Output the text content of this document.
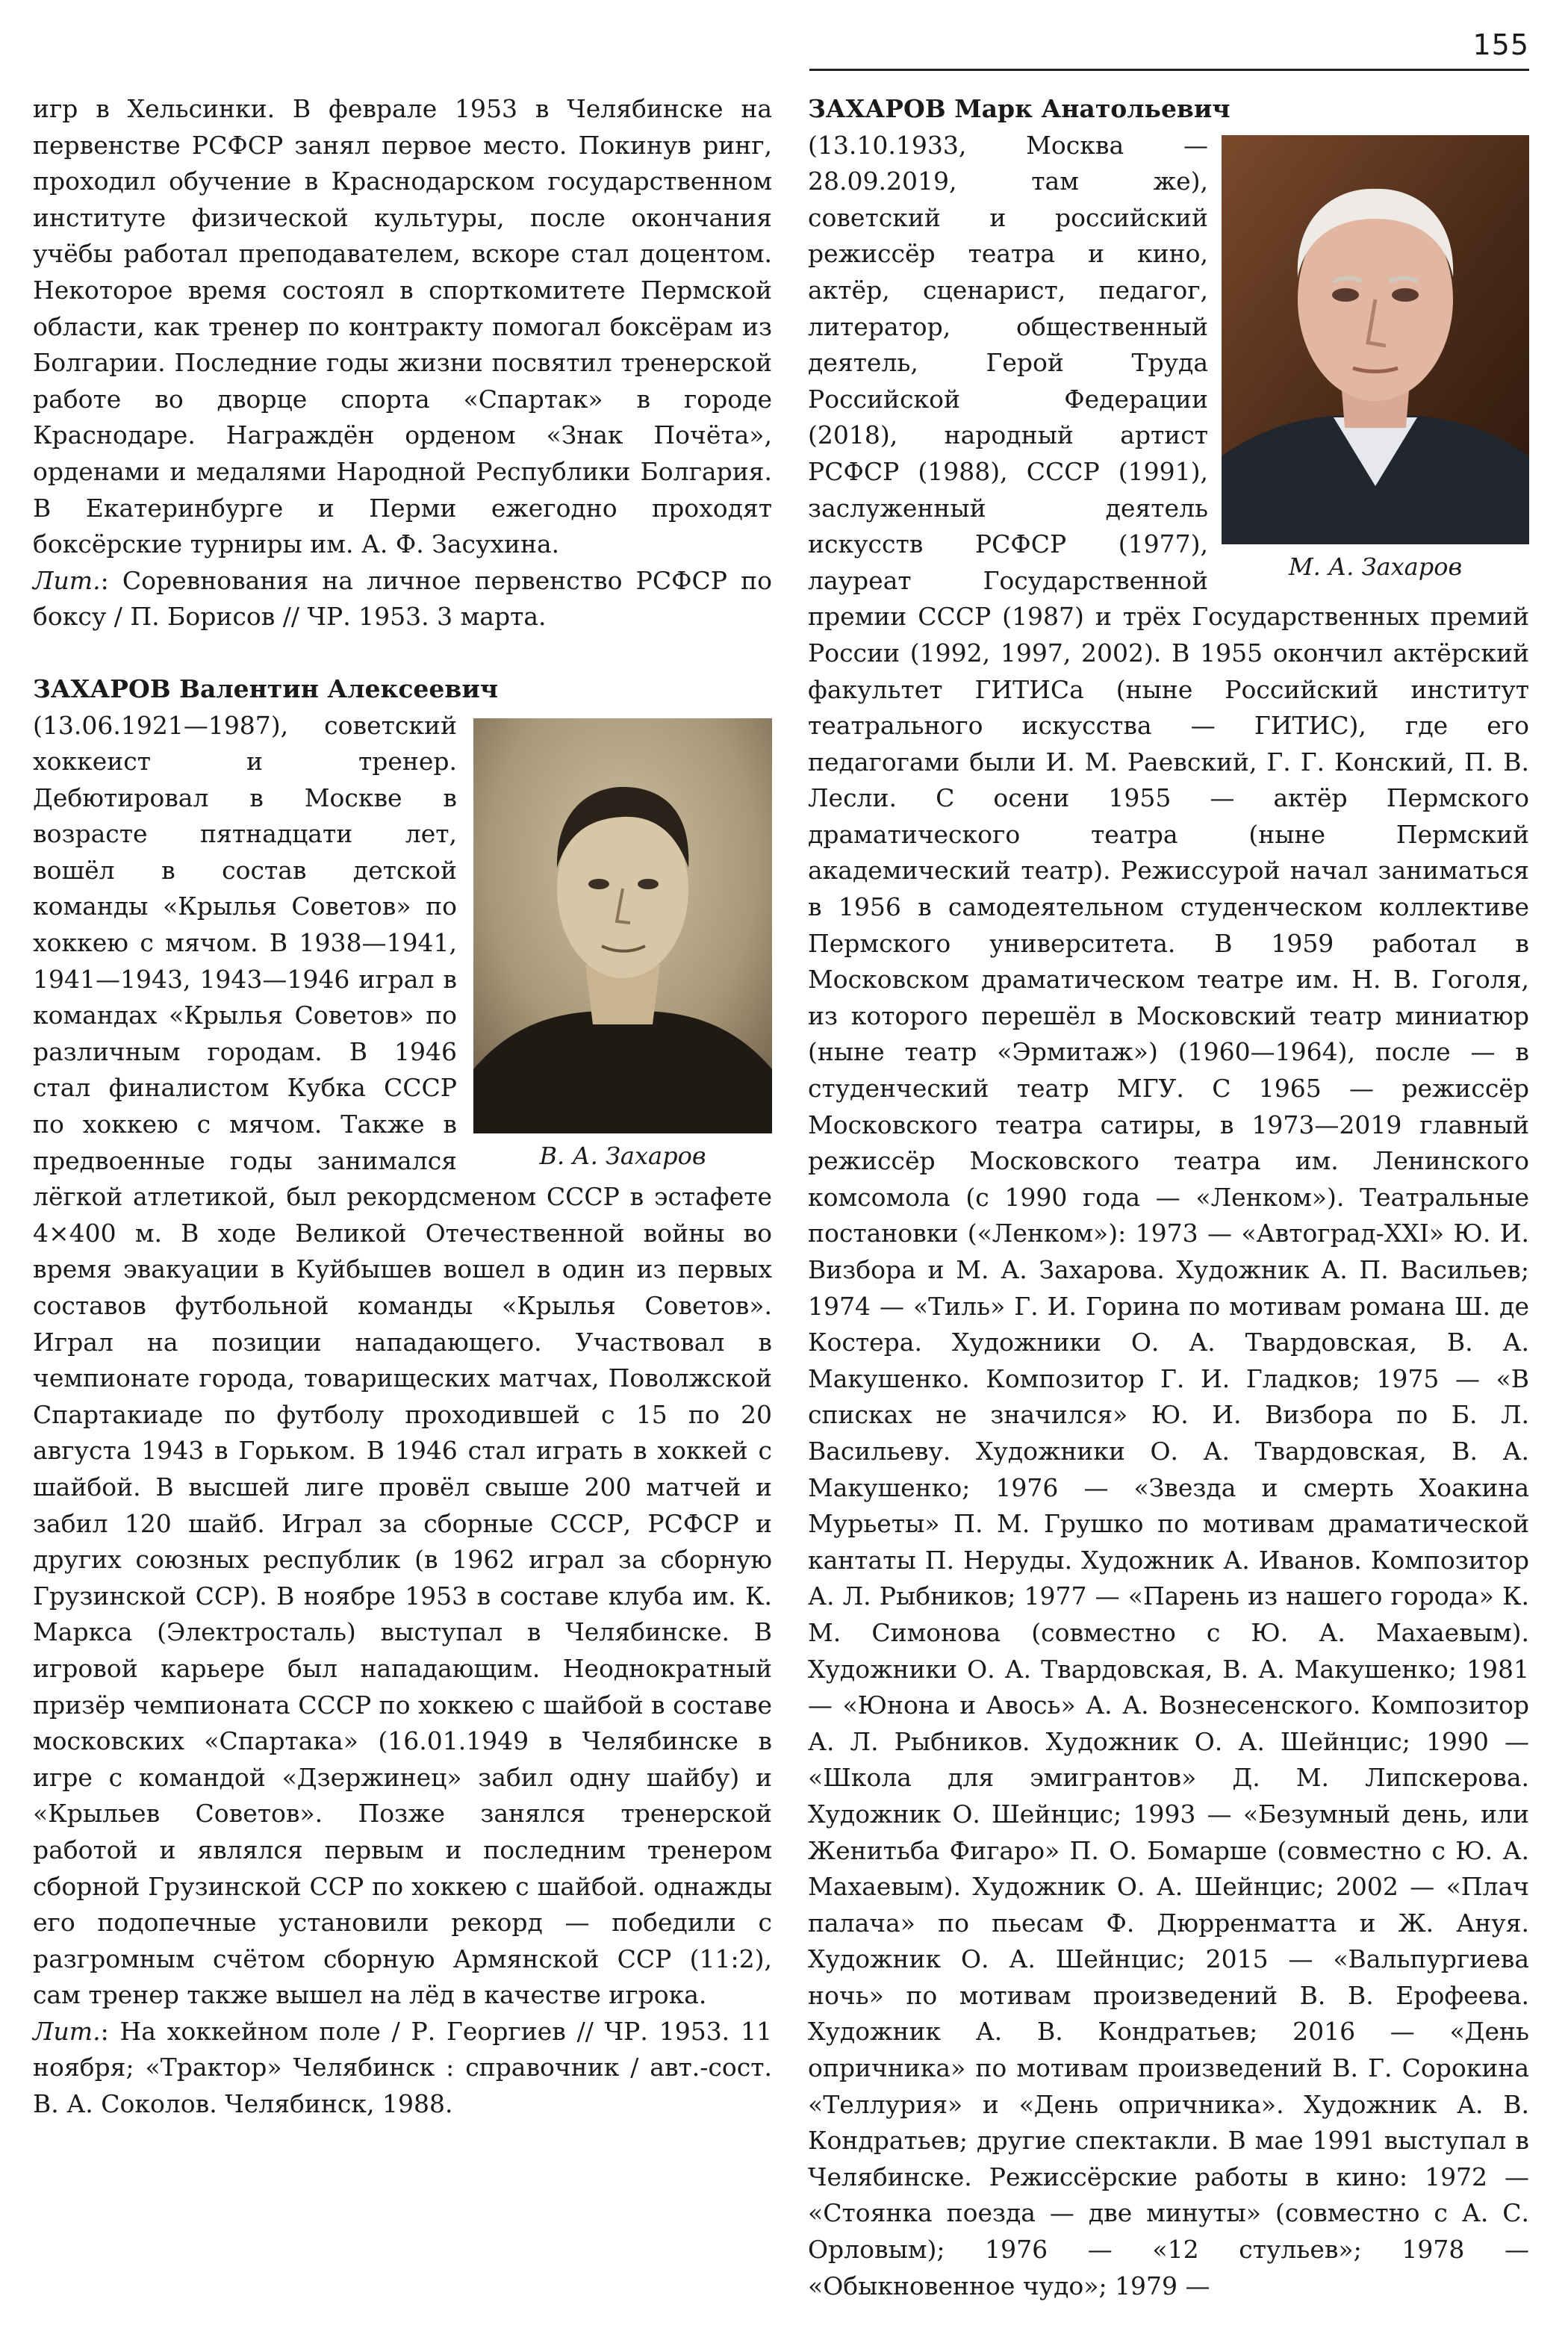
155

игр в Хельсинки. В феврале 1953 в Челябинске на первенстве РСФСР занял первое место. Покинув ринг, проходил обучение в Краснодарском государственном институте физической культуры, после окончания учёбы работал преподавателем, вскоре стал доцентом. Некоторое время состоял в спорткомитете Пермской области, как тренер по контракту помогал боксёрам из Болгарии. Последние годы жизни посвятил тренерской работе во дворце спорта «Спартак» в городе Краснодаре. Награждён орденом «Знак Почёта», орденами и медалями Народной Республики Болгария. В Екатеринбурге и Перми ежегодно проходят боксёрские турниры им. А. Ф. Засухина.

Лит.: Соревнования на личное первенство РСФСР по боксу / П. Борисов // ЧР. 1953. 3 марта.

ЗАХАРОВ Валентин Алексеевич

В. А. Захаров
(13.06.1921—1987), советский хоккеист и тренер. Дебютировал в Москве в возрасте пятнадцати лет, вошёл в состав детской команды «Крылья Советов» по хоккею с мячом. В 1938—1941, 1941—1943, 1943—1946 играл в командах «Крылья Советов» по различным городам. В 1946 стал финалистом Кубка СССР по хоккею с мячом. Также в предвоенные годы занимался лёгкой атлетикой, был рекордсменом СССР в эстафете 4×400 м. В ходе Великой Отечественной войны во время эвакуации в Куйбышев вошел в один из первых составов футбольной команды «Крылья Советов». Играл на позиции нападающего. Участвовал в чемпионате города, товарищеских матчах, Поволжской Спартакиаде по футболу проходившей с 15 по 20 августа 1943 в Горьком. В 1946 стал играть в хоккей с шайбой. В высшей лиге провёл свыше 200 матчей и забил 120 шайб. Играл за сборные СССР, РСФСР и других союзных республик (в 1962 играл за сборную Грузинской ССР). В ноябре 1953 в составе клуба им. К. Маркса (Электросталь) выступал в Челябинске. В игровой карьере был нападающим. Неоднократный призёр чемпионата СССР по хоккею с шайбой в составе московских «Спартака» (16.01.1949 в Челябинске в игре с командой «Дзержинец» забил одну шайбу) и «Крыльев Советов». Позже занялся тренерской работой и являлся первым и последним тренером сборной Грузинской ССР по хоккею с шайбой. однажды его подопечные установили рекорд — победили с разгромным счётом сборную Армянской ССР (11:2), сам тренер также вышел на лёд в качестве игрока.

Лит.: На хоккейном поле / Р. Георгиев // ЧР. 1953. 11 ноября; «Трактор» Челябинск : справочник / авт.-сост. В. А. Соколов. Челябинск, 1988.

ЗАХАРОВ Марк Анатольевич

М. А. Захаров
(13.10.1933, Москва — 28.09.2019, там же), советский и российский режиссёр театра и кино, актёр, сценарист, педагог, литератор, общественный деятель, Герой Труда Российской Федерации (2018), народный артист РСФСР (1988), СССР (1991), заслуженный деятель искусств РСФСР (1977), лауреат Государственной премии СССР (1987) и трёх Государственных премий России (1992, 1997, 2002). В 1955 окончил актёрский факультет ГИТИСа (ныне Российский институт театрального искусства — ГИТИС), где его педагогами были И. М. Раевский, Г. Г. Конский, П. В. Лесли. С осени 1955 — актёр Пермского драматического театра (ныне Пермский академический театр). Режиссурой начал заниматься в 1956 в самодеятельном студенческом коллективе Пермского университета. В 1959 работал в Московском драматическом театре им. Н. В. Гоголя, из которого перешёл в Московский театр миниатюр (ныне театр «Эрмитаж») (1960—1964), после — в студенческий театр МГУ. С 1965 — режиссёр Московского театра сатиры, в 1973—2019 главный режиссёр Московского театра им. Ленинского комсомола (с 1990 года — «Ленком»). Театральные постановки («Ленком»): 1973 — «Автоград-XXI» Ю. И. Визбора и М. А. Захарова. Художник А. П. Васильев; 1974 — «Тиль» Г. И. Горина по мотивам романа Ш. де Костера. Художники О. А. Твардовская, В. А. Макушенко. Композитор Г. И. Гладков; 1975 — «В списках не значился» Ю. И. Визбора по Б. Л. Васильеву. Художники О. А. Твардовская, В. А. Макушенко; 1976 — «Звезда и смерть Хоакина Мурьеты» П. М. Грушко по мотивам драматической кантаты П. Неруды. Художник А. Иванов. Композитор А. Л. Рыбников; 1977 — «Парень из нашего города» К. М. Симонова (совместно с Ю. А. Махаевым). Художники О. А. Твардовская, В. А. Макушенко; 1981 — «Юнона и Авось» А. А. Вознесенского. Композитор А. Л. Рыбников. Художник О. А. Шейнцис; 1990 — «Школа для эмигрантов» Д. М. Липскерова. Художник О. Шейнцис; 1993 — «Безумный день, или Женитьба Фигаро» П. О. Бомарше (совместно с Ю. А. Махаевым). Художник О. А. Шейнцис; 2002 — «Плач палача» по пьесам Ф. Дюрренматта и Ж. Ануя. Художник О. А. Шейнцис; 2015 — «Вальпургиева ночь» по мотивам произведений В. В. Ерофеева. Художник А. В. Кондратьев; 2016 — «День опричника» по мотивам произведений В. Г. Сорокина «Теллурия» и «День опричника». Художник А. В. Кондратьев; другие спектакли. В мае 1991 выступал в Челябинске. Режиссёрские работы в кино: 1972 — «Стоянка поезда — две минуты» (совместно с А. С. Орловым); 1976 — «12 стульев»; 1978 — «Обыкновенное чудо»; 1979 —
